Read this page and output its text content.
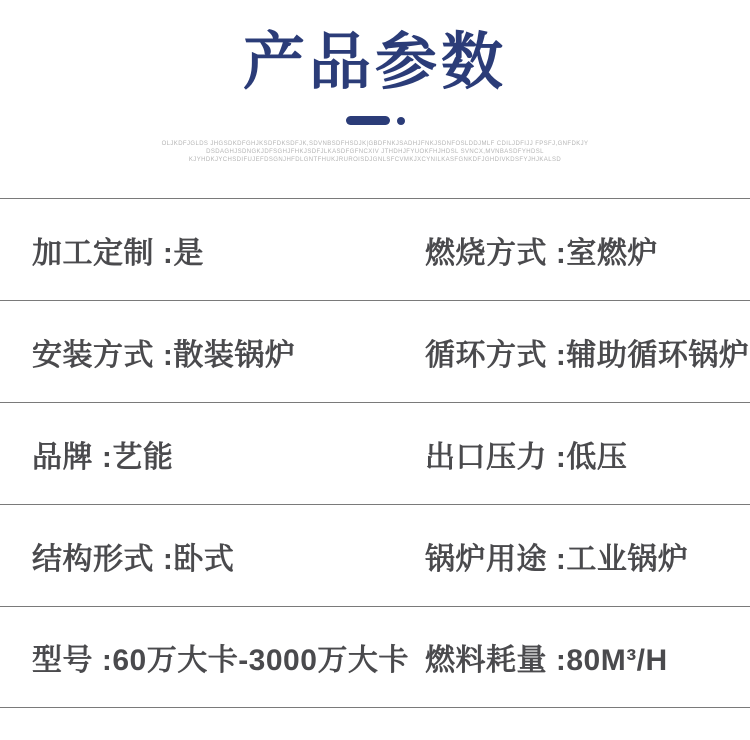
产品参数
OLJKDFJGLDS JHGSDKDFGHJKSDFDKSDFJK,SDVNBSDFHSDJK|GBDFNKJSADHJFNKJSDNFOSLDDJMLF CDILJDFIJJ FPSFJ,GNFDKJY
DSDAGHJSDNGKJDFSGHJFHKJSDFJLKASDFGFNCXIV JTHDHJFYUOKFHJHDSL SVNCX,MVNBASDFYHDSL
KJYHDKJYCHSDIFUJEFDSGNJHFDLGNTFHUKJRUROISDJGNLSFCVMKJXCYNILKASFGNKDFJGHDIVKDSFYJHJKALSD
加工定制 :是	燃烧方式 :室燃炉
安装方式 :散装锅炉	循环方式 :辅助循环锅炉
品牌 :艺能	出口压力 :低压
结构形式 :卧式	锅炉用途 :工业锅炉
型号 :60万大卡-3000万大卡 燃料耗量 :80M³/H
